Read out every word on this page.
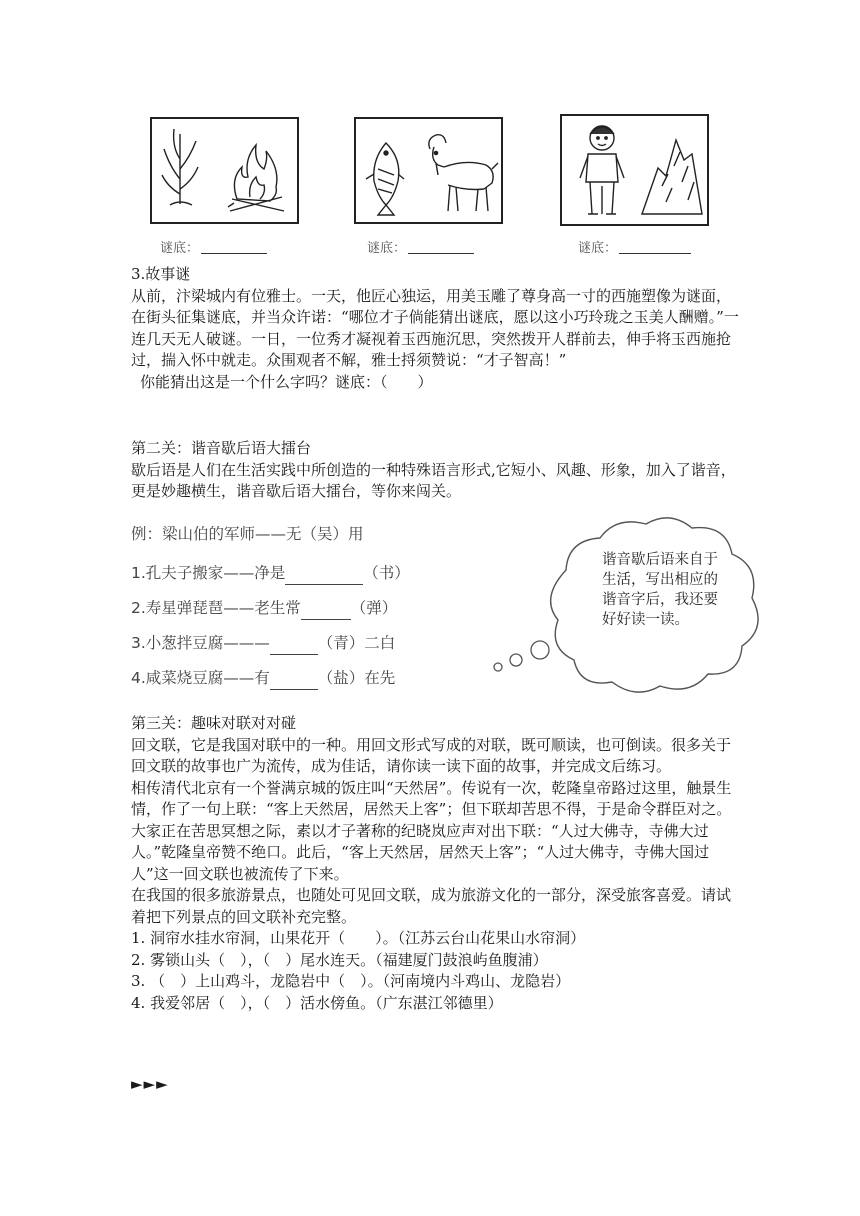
谜底：	谜底：	谜底：

3.故事谜

从前，汴梁城内有位雅士。一天，他匠心独运，用美玉雕了尊身高一寸的西施塑像为谜面，在街头征集谜底，并当众许诺：“哪位才子倘能猜出谜底，愿以这小巧玲珑之玉美人酬赠。”一连几天无人破谜。一日，一位秀才凝视着玉西施沉思，突然拨开人群前去，伸手将玉西施抢过，揣入怀中就走。众围观者不解，雅士捋须赞说：“才子智高！”

你能猜出这是一个什么字吗？谜底：（　　）

第二关：谐音歇后语大擂台

歇后语是人们在生活实践中所创造的一种特殊语言形式,它短小、风趣、形象，加入了谐音，更是妙趣横生，谐音歇后语大擂台，等你来闯关。

例：梁山伯的军师——无（吴）用
1.孔夫子搬家——净是	（书）
2.寿星弹琵琶——老生常	（弹）
3.小葱拌豆腐———	（青）二白
4.咸菜烧豆腐——有	（盐）在先
谐音歇后语来自于生活，写出相应的谐音字后，我还要好好读一读。

第三关：趣味对联对对碰

回文联，它是我国对联中的一种。用回文形式写成的对联，既可顺读，也可倒读。很多关于回文联的故事也广为流传，成为佳话，请你读一读下面的故事，并完成文后练习。

相传清代北京有一个誉满京城的饭庄叫“天然居”。传说有一次，乾隆皇帝路过这里，触景生情，作了一句上联：“客上天然居，居然天上客”；但下联却苦思不得，于是命令群臣对之。大家正在苦思冥想之际，素以才子著称的纪晓岚应声对出下联：“人过大佛寺，寺佛大过人。”乾隆皇帝赞不绝口。此后，“客上天然居，居然天上客”；“人过大佛寺，寺佛大国过人”这一回文联也被流传了下来。

在我国的很多旅游景点，也随处可见回文联，成为旅游文化的一部分，深受旅客喜爱。请试着把下列景点的回文联补充完整。

1. 洞帘水挂水帘洞，山果花开（　　）。（江苏云台山花果山水帘洞）

2. 雾锁山头（　），（　）尾水连天。（福建厦门鼓浪屿鱼腹浦）

3. （　）上山鸡斗，龙隐岩中（　）。（河南境内斗鸡山、龙隐岩）

4. 我爱邻居（　），（　）活水傍鱼。（广东湛江邻德里）

►►►
